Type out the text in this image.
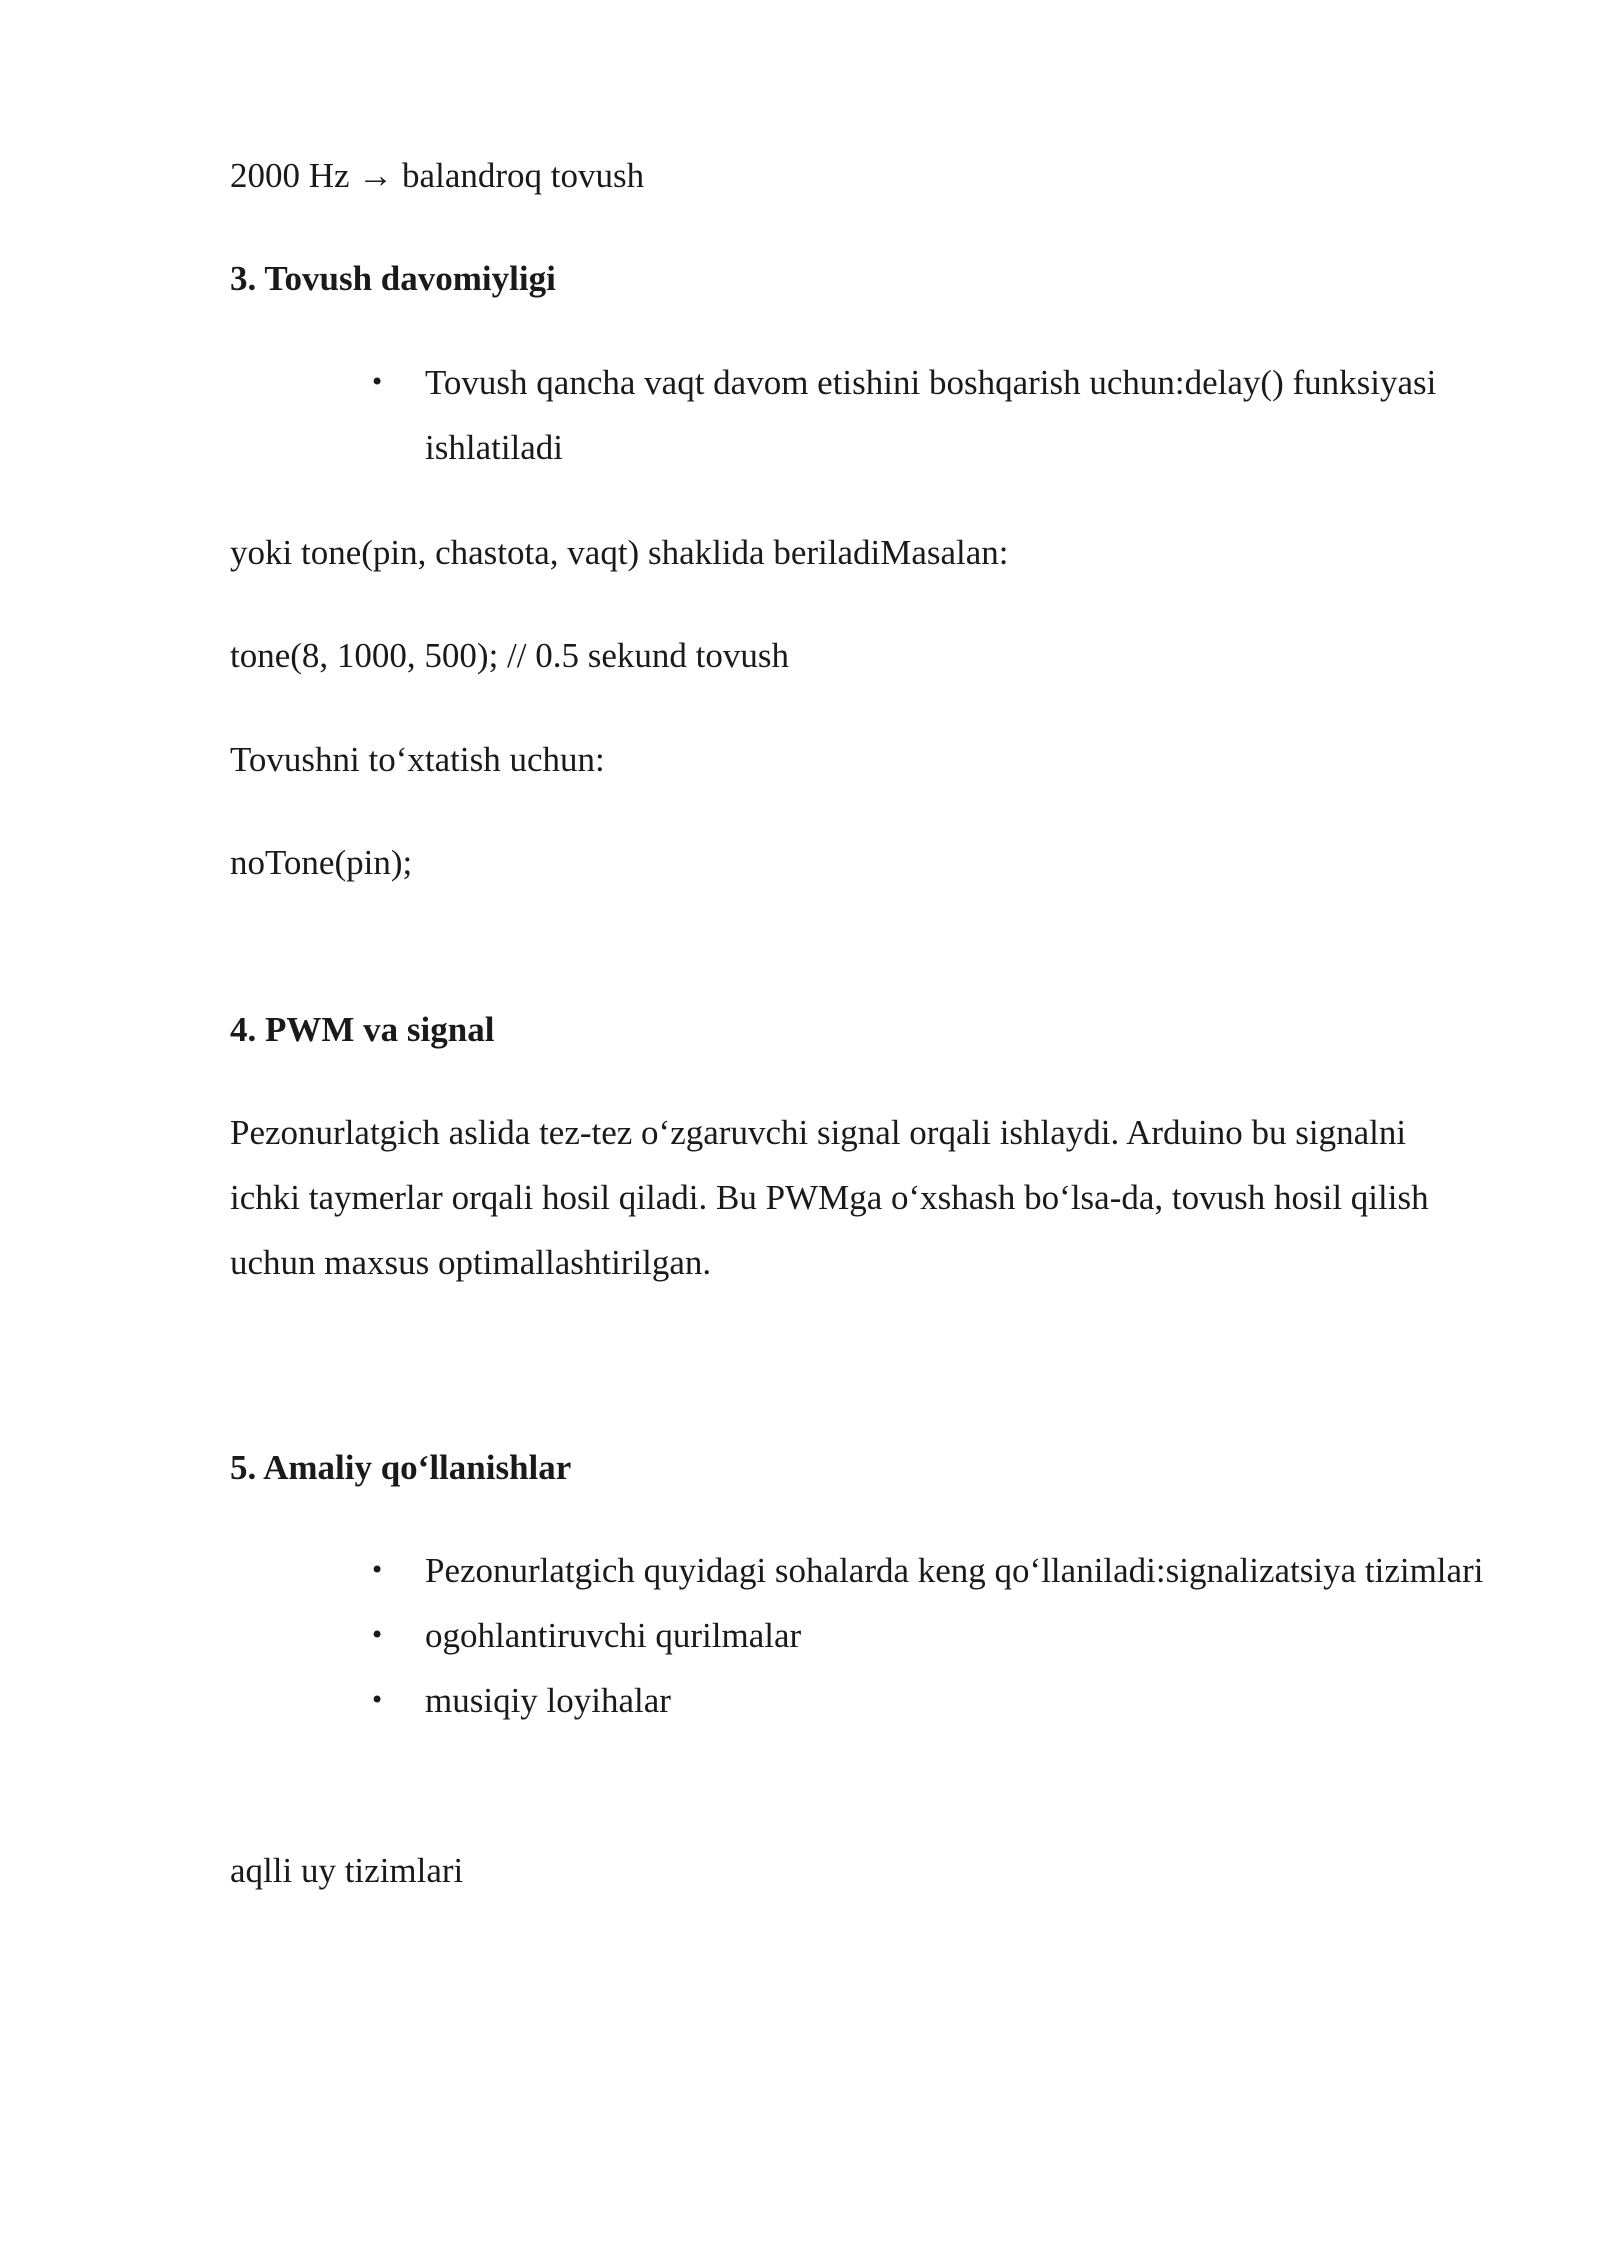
2000 Hz → balandroq tovush
3. Tovush davomiyligi
• Tovush qancha vaqt davom etishini boshqarish uchun:delay() funksiyasi ishlatiladi
yoki tone(pin, chastota, vaqt) shaklida beriladiMasalan:
tone(8, 1000, 500); // 0.5 sekund tovush
Tovushni to‘xtatish uchun:
noTone(pin);
4. PWM va signal
Pezonurlatgich aslida tez-tez o‘zgaruvchi signal orqali ishlaydi. Arduino bu signalni ichki taymerlar orqali hosil qiladi. Bu PWMga o‘xshash bo‘lsa-da, tovush hosil qilish uchun maxsus optimallashtirilgan.
5. Amaliy qo‘llanishlar
• Pezonurlatgich quyidagi sohalarda keng qo‘llaniladi:signalizatsiya tizimlari
• ogohlantiruvchi qurilmalar
• musiqiy loyihalar
aqlli uy tizimlari
